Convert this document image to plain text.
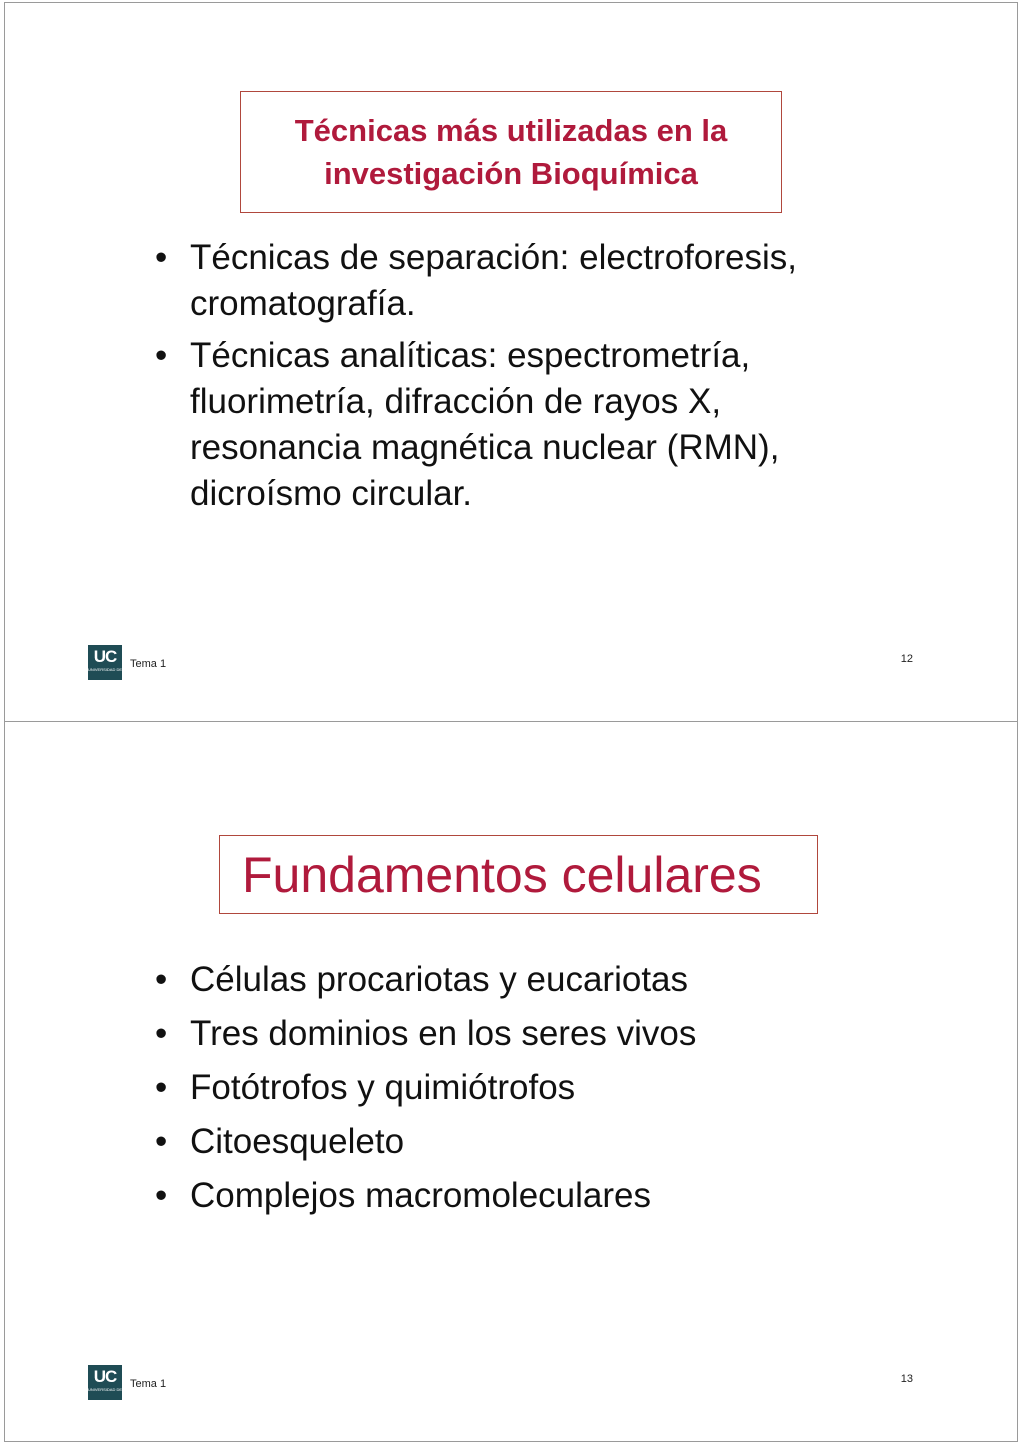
Técnicas más utilizadas en la
investigación Bioquímica
• Técnicas de separación: electroforesis, cromatografía.
• Técnicas analíticas: espectrometría, fluorimetría, difracción de rayos X, resonancia magnética nuclear (RMN), dicroísmo circular.
UC
UNIVERSIDAD DE CANTABRIA
Tema 1	12
Fundamentos celulares
• Células procariotas y eucariotas
• Tres dominios en los seres vivos
• Fotótrofos y quimiótrofos
• Citoesqueleto
• Complejos macromoleculares
UC
UNIVERSIDAD DE CANTABRIA
Tema 1	13
